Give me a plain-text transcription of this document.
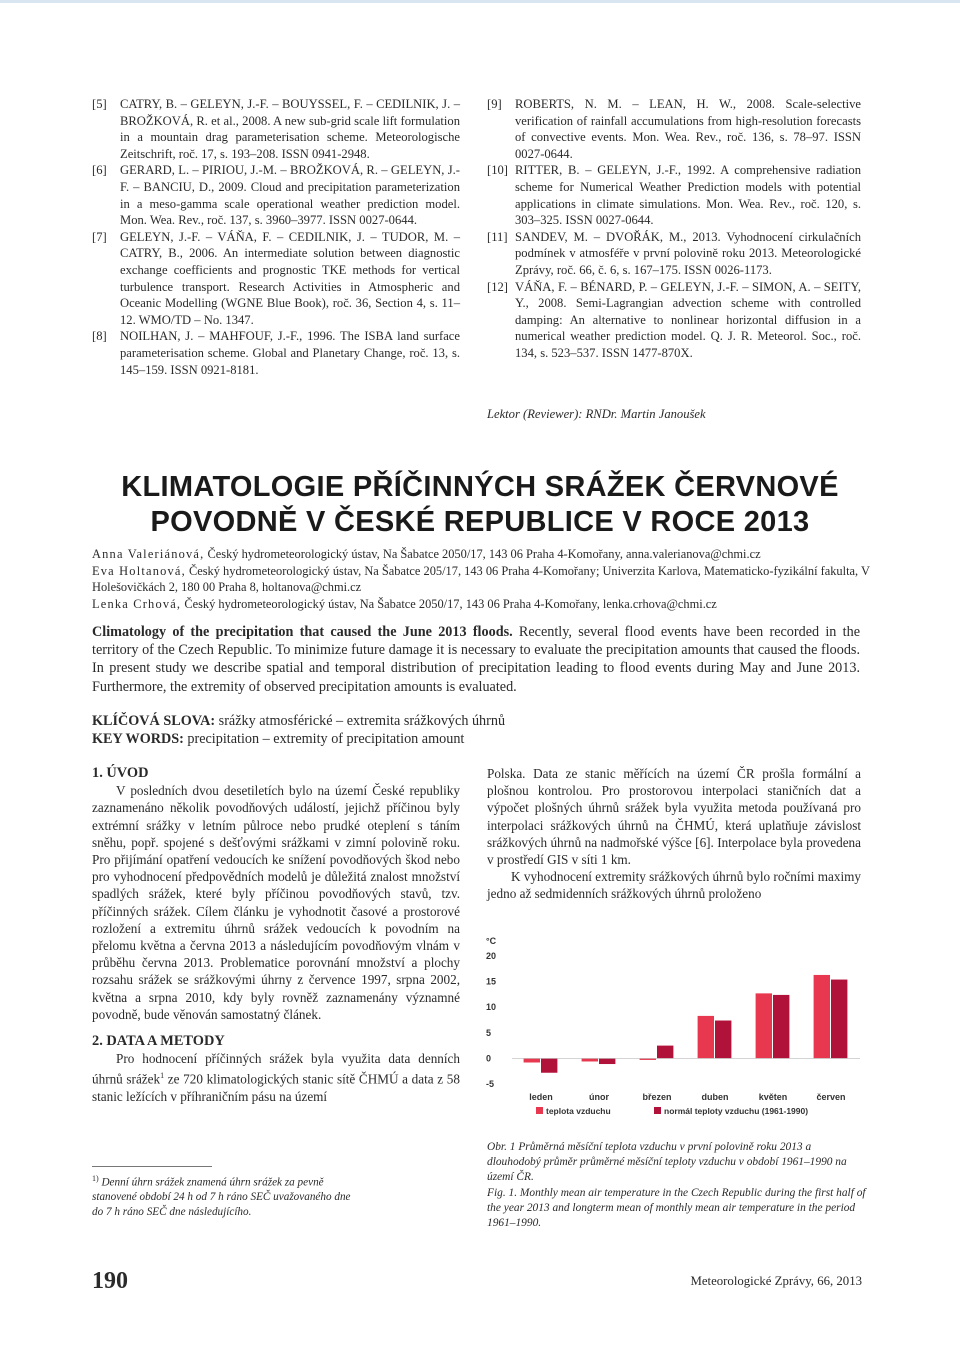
[5] CATRY, B. – GELEYN, J.-F. – BOUYSSEL, F. – CEDILNIK, J. – BROŽKOVÁ, R. et al., 2008. A new sub-grid scale lift formulation in a mountain drag parameterisation scheme. Meteorologische Zeitschrift, roč. 17, s. 193–208. ISSN 0941-2948.

[6] GERARD, L. – PIRIOU, J.-M. – BROŽKOVÁ, R. – GELEYN, J.-F. – BANCIU, D., 2009. Cloud and precipitation parameterization in a meso-gamma scale operational weather prediction model. Mon. Wea. Rev., roč. 137, s. 3960–3977. ISSN 0027-0644.

[7] GELEYN, J.-F. – VÁŇA, F. – CEDILNIK, J. – TUDOR, M. – CATRY, B., 2006. An intermediate solution between diagnostic exchange coefficients and prognostic TKE methods for vertical turbulence transport. Research Activities in Atmospheric and Oceanic Modelling (WGNE Blue Book), roč. 36, Section 4, s. 11–12. WMO/TD – No. 1347.

[8] NOILHAN, J. – MAHFOUF, J.-F., 1996. The ISBA land surface parameterisation scheme. Global and Planetary Change, roč. 13, s. 145–159. ISSN 0921-8181.

[9] ROBERTS, N. M. – LEAN, H. W., 2008. Scale-selective verification of rainfall accumulations from high-resolution forecasts of convective events. Mon. Wea. Rev., roč. 136, s. 78–97. ISSN 0027-0644.

[10] RITTER, B. – GELEYN, J.-F., 1992. A comprehensive radiation scheme for Numerical Weather Prediction models with potential applications in climate simulations. Mon. Wea. Rev., roč. 120, s. 303–325. ISSN 0027-0644.

[11] SANDEV, M. – DVOŘÁK, M., 2013. Vyhodnocení cirkulačních podmínek v atmosféře v první polovině roku 2013. Meteorologické Zprávy, roč. 66, č. 6, s. 167–175. ISSN 0026-1173.

[12] VÁŇA, F. – BÉNARD, P. – GELEYN, J.-F. – SIMON, A. – SEITY, Y., 2008. Semi-Lagrangian advection scheme with controlled damping: An alternative to nonlinear horizontal diffusion in a numerical weather prediction model. Q. J. R. Meteorol. Soc., roč. 134, s. 523–537. ISSN 1477-870X.

Lektor (Reviewer): RNDr. Martin Janoušek
KLIMATOLOGIE PŘÍČINNÝCH SRÁŽEK ČERVNOVÉ
POVODNĚ V ČESKÉ REPUBLICE V ROCE 2013
Anna Valeriánová, Český hydrometeorologický ústav, Na Šabatce 2050/17, 143 06 Praha 4-Komořany, anna.valerianova@chmi.cz
Eva Holtanová, Český hydrometeorologický ústav, Na Šabatce 205/17, 143 06 Praha 4-Komořany; Univerzita Karlova, Matematicko-fyzikální fakulta, V Holešovičkách 2, 180 00 Praha 8, holtanova@chmi.cz
Lenka Crhová, Český hydrometeorologický ústav, Na Šabatce 2050/17, 143 06 Praha 4-Komořany, lenka.crhova@chmi.cz
Climatology of the precipitation that caused the June 2013 floods. Recently, several flood events have been recorded in the territory of the Czech Republic. To minimize future damage it is necessary to evaluate the precipitation amounts that caused the floods. In present study we describe spatial and temporal distribution of precipitation leading to flood events during May and June 2013. Furthermore, the extremity of observed precipitation amounts is evaluated.
KLÍČOVÁ SLOVA: srážky atmosférické – extremita srážkových úhrnů
KEY WORDS: precipitation – extremity of precipitation amount
1. ÚVOD

V posledních dvou desetiletích bylo na území České republiky zaznamenáno několik povodňových událostí, jejichž příčinou byly extrémní srážky v letním půlroce nebo prudké oteplení s táním sněhu, popř. spojené s dešťovými srážkami v zimní polovině roku. Pro přijímání opatření vedoucích ke snížení povodňových škod nebo pro vyhodnocení předpovědních modelů je důležitá znalost množství spadlých srážek, které byly příčinou povodňových stavů, tzv. příčinných srážek. Cílem článku je vyhodnotit časové a prostorové rozložení a extremitu úhrnů srážek vedoucích k povodním na přelomu května a června 2013 a následujícím povodňovým vlnám v průběhu června 2013. Problematice porovnání množství a plochy rozsahu srážek se srážkovými úhrny z července 1997, srpna 2002, května a srpna 2010, kdy byly rovněž zaznamenány významné povodně, bude věnován samostatný článek.

2. DATA A METODY

Pro hodnocení příčinných srážek byla využita data denních úhrnů srážek$^1$ ze 720 klimatologických stanic sítě ČHMÚ a data z 58 stanic ležících v příhraničním pásu na území

$^{1)}$ Denní úhrn srážek znamená úhrn srážek za pevně stanovené období 24 h od 7 h ráno SEČ uvažovaného dne do 7 h ráno SEČ dne následujícího.

Polska. Data ze stanic měřících na území ČR prošla formální a plošnou kontrolou. Pro prostorovou interpolaci staničních dat a výpočet plošných úhrnů srážek byla využita metoda používaná pro interpolaci srážkových úhrnů na ČHMÚ, která uplatňuje závislost srážkových úhrnů na nadmořské výšce [6]. Interpolace byla provedena v prostředí GIS v síti 1 km.

K vyhodnocení extremity srážkových úhrnů bylo ročními maximy jedno až sedmidenních srážkových úhrnů proloženo

°C
20
15
10
5
0
-5
leden	únor	březen	duben	květen	červen
teplota vzduchu	normál teploty vzduchu (1961-1990)
Obr. 1 Průměrná měsíční teplota vzduchu v první polovině roku 2013 a dlouhodobý průměr průměrné měsíční teploty vzduchu v období 1961–1990 na území ČR.
Fig. 1. Monthly mean air temperature in the Czech Republic during the first half of the year 2013 and longterm mean of monthly mean air temperature in the period 1961–1990.
190	Meteorologické Zprávy, 66, 2013
